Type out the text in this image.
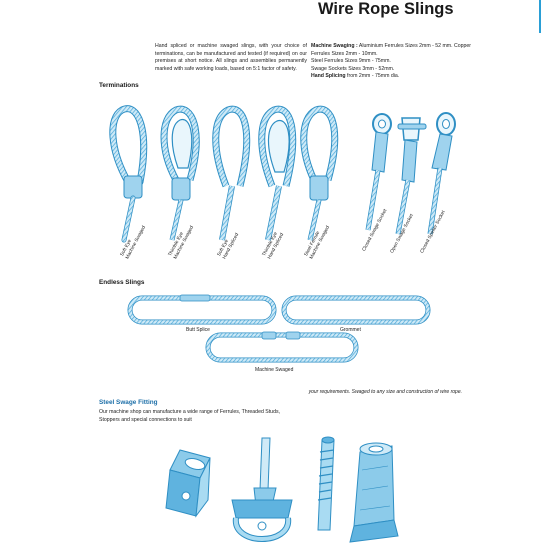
Wire Rope Slings
Hand spliced or machine swaged slings, with your choice of terminations, can be manufactured and tested (if required) on our premises at short notice. All slings and assemblies permanently marked with safe working loads, based on 5:1 factor of safety.

Machine Swaging : Aluminium Ferrules Sizes 2mm - 52 mm. Copper Ferrules Sizes 2mm - 10mm.

Steel Ferrules Sizes 9mm - 75mm.

Swage Sockets Sizes 3mm - 52mm.

Hand Splicing from 2mm - 75mm dia.

Terminations
Soft Eye
Machine Swaged	Thimble Eye
Machine Swaged	Soft Eye
Hand Spliced	Thimble Eye
Hand Spliced	Steel Ferrule
Machine Swaged	Closed Swage Socket Open Swage Socket Closed Spelter Socket
Endless Slings
Butt Splice	Grommet
Machine Swaged
your requirements. Swaged to any size and construction of wire rope.
Steel Swage Fitting
Our machine shop can manufacture a wide range of Ferrules, Threaded Studs, Stoppers and special connections to suit
